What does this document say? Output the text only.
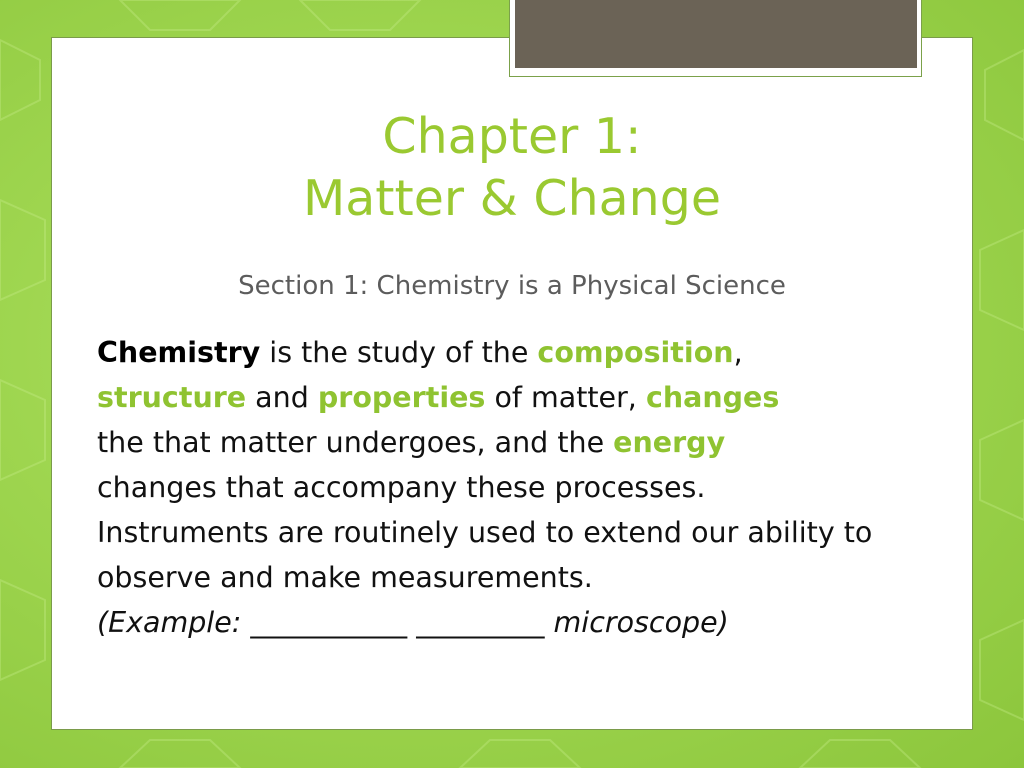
Chapter 1:
Matter & Change

Section 1: Chemistry is a Physical Science

Chemistry is the study of the composition,
structure and properties of matter, changes
the that matter undergoes, and the energy
changes that accompany these processes.
Instruments are routinely used to extend our ability to observe and make measurements.
(Example: ___________ _________ microscope)
